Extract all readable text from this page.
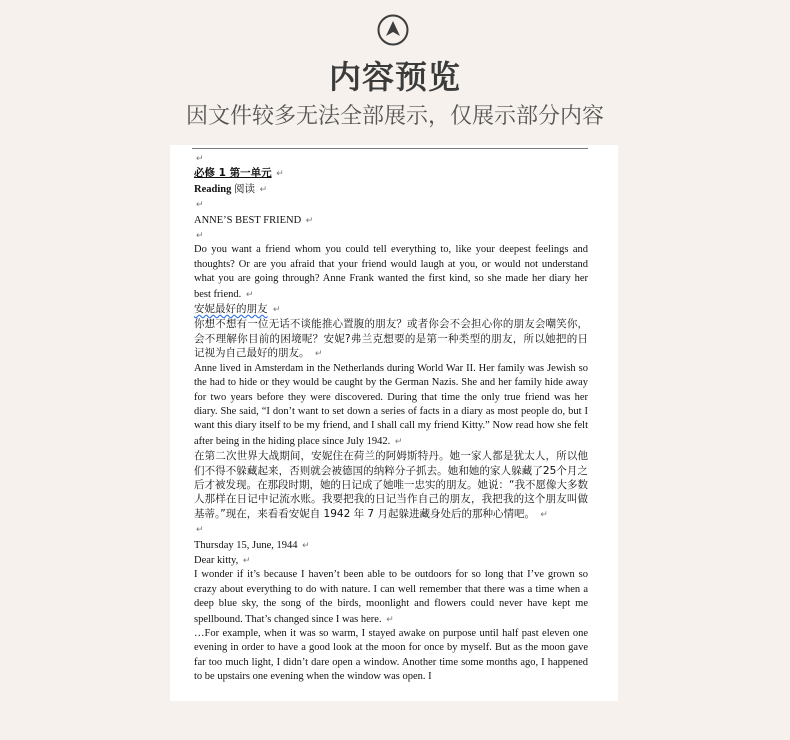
内容预览
因文件较多无法全部展示，仅展示部分内容
↵
必修 1 第一单元 ↵
Reading 阅读 ↵
↵
ANNE’S BEST FRIEND ↵
↵
Do you want a friend whom you could tell everything to, like your deepest feelings and thoughts? Or are you afraid that your friend would laugh at you, or would not understand what you are going through? Anne Frank wanted the first kind, so she made her diary her best friend. ↵
安妮最好的朋友 ↵
你想不想有一位无话不谈能推心置腹的朋友？或者你会不会担心你的朋友会嘲笑你，会不理解你目前的困境呢？安妮?弗兰克想要的是第一种类型的朋友，所以她把的日记视为自己最好的朋友。 ↵
Anne lived in Amsterdam in the Netherlands during World War II. Her family was Jewish so the had to hide or they would be caught by the German Nazis. She and her family hide away for two years before they were discovered. During that time the only true friend was her diary. She said, “I don’t want to set down a series of facts in a diary as most people do, but I want this diary itself to be my friend, and I shall call my friend Kitty.” Now read how she felt after being in the hiding place since July 1942. ↵
在第二次世界大战期间，安妮住在荷兰的阿姆斯特丹。她一家人都是犹太人，所以他们不得不躲藏起来，否则就会被德国的纳粹分子抓去。她和她的家人躲藏了25个月之后才被发现。在那段时期，她的日记成了她唯一忠实的朋友。她说：“我不愿像大多数人那样在日记中记流水账。我要把我的日记当作自己的朋友，我把我的这个朋友叫做基蒂。”现在，来看看安妮自 1942 年 7 月起躲进藏身处后的那种心情吧。 ↵
↵
Thursday 15, June, 1944 ↵
Dear kitty, ↵
I wonder if it’s because I haven’t been able to be outdoors for so long that I’ve grown so crazy about everything to do with nature. I can well remember that there was a time when a deep blue sky, the song of the birds, moonlight and flowers could never have kept me spellbound. That’s changed since I was here. ↵
…For example, when it was so warm, I stayed awake on purpose until half past eleven one evening in order to have a good look at the moon for once by myself. But as the moon gave far too much light, I didn’t dare open a window. Another time some months ago, I happened to be upstairs one evening when the window was open. I
